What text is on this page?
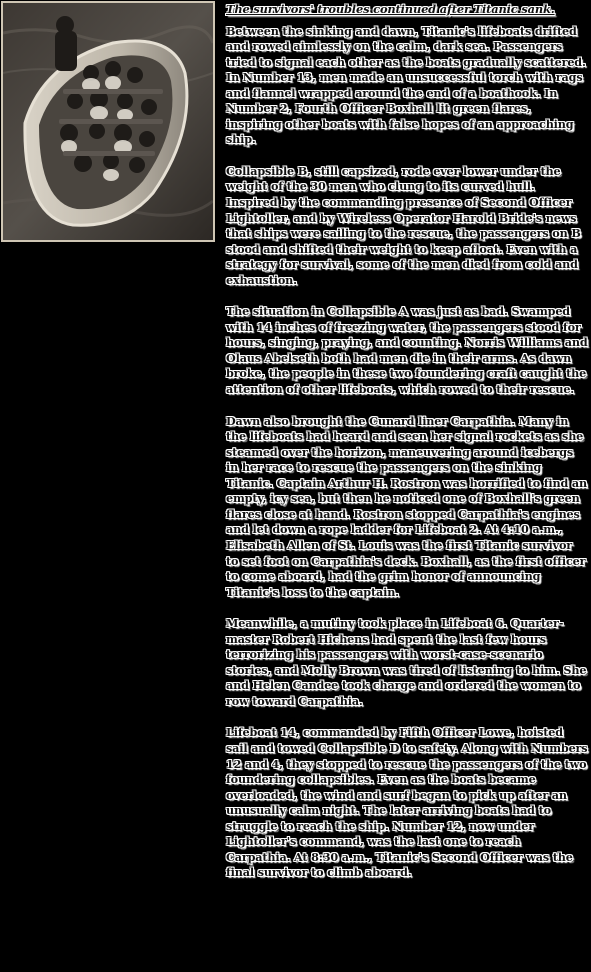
The survivors' troubles continued after Titanic sank.

Between the sinking and dawn, Titanic's lifeboats drifted and rowed aimlessly on the calm, dark sea. Passengers tried to signal each other as the boats gradually scattered. In Number 13, men made an unsuccessful torch with rags and flannel wrapped around the end of a boathook. In Number 2, Fourth Officer Boxhall lit green flares, inspiring other boats with false hopes of an approaching ship.

Collapsible B, still capsized, rode ever lower under the weight of the 30 men who clung to its curved hull. Inspired by the commanding presence of Second Officer Lightoller, and by Wireless Operator Harold Bride's news that ships were sailing to the rescue, the passengers on B stood and shifted their weight to keep afloat. Even with a strategy for survival, some of the men died from cold and exhaustion.

The situation in Collapsible A was just as bad. Swamped with 14 inches of freezing water, the passengers stood for hours, singing, praying, and counting. Norris Williams and Olaus Abelseth both had men die in their arms. As dawn broke, the people in these two foundering craft caught the attention of other lifeboats, which rowed to their rescue.

Dawn also brought the Cunard liner Carpathia. Many in the lifeboats had heard and seen her signal rockets as she steamed over the horizon, maneuvering around icebergs in her race to rescue the passengers on the sinking Titanic. Captain Arthur H. Rostron was horrified to find an empty, icy sea, but then he noticed one of Boxhall's green flares close at hand. Rostron stopped Carpathia's engines and let down a rope ladder for Lifeboat 2. At 4:10 a.m., Elisabeth Allen of St. Louis was the first Titanic survivor to set foot on Carpathia's deck. Boxhall, as the first officer to come aboard, had the grim honor of announcing Titanic's loss to the captain.

Meanwhile, a mutiny took place in Lifeboat 6. Quarter-master Robert Hichens had spent the last few hours terrorizing his passengers with worst-case-scenario stories, and Molly Brown was tired of listening to him. She and Helen Candee took charge and ordered the women to row toward Carpathia.

Lifeboat 14, commanded by Fifth Officer Lowe, hoisted sail and towed Collapsible D to safety. Along with Numbers 12 and 4, they stopped to rescue the passengers of the two foundering collapsibles. Even as the boats became overloaded, the wind and surf began to pick up after an unusually calm night. The later arriving boats had to struggle to reach the ship. Number 12, now under Lightoller's command, was the last one to reach Carpathia. At 8:30 a.m., Titanic's Second Officer was the final survivor to climb aboard.
